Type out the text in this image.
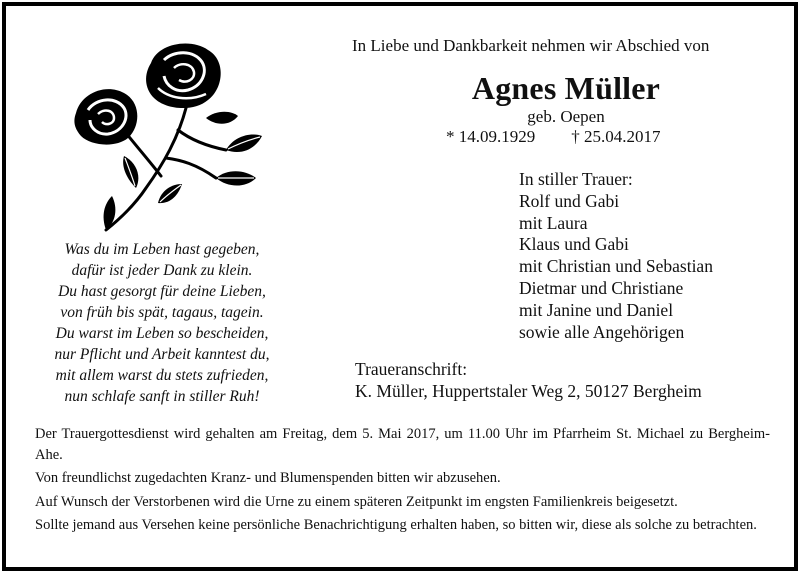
Was du im Leben hast gegeben,
dafür ist jeder Dank zu klein.
Du hast gesorgt für deine Lieben,
von früh bis spät, tagaus, tagein.
Du warst im Leben so bescheiden,
nur Pflicht und Arbeit kanntest du,
mit allem warst du stets zufrieden,
nun schlafe sanft in stiller Ruh!
In Liebe und Dankbarkeit nehmen wir Abschied von
Agnes Müller
geb. Oepen
* 14.09.1929 † 25.04.2017
In stiller Trauer:
Rolf und Gabi
mit Laura
Klaus und Gabi
mit Christian und Sebastian
Dietmar und Christiane
mit Janine und Daniel
sowie alle Angehörigen
Traueranschrift:
K. Müller, Huppertstaler Weg 2, 50127 Bergheim

Der Trauergottesdienst wird gehalten am Freitag, dem 5. Mai 2017, um 11.00 Uhr im Pfarrheim St. Michael zu Bergheim-Ahe.

Von freundlichst zugedachten Kranz- und Blumenspenden bitten wir abzusehen.

Auf Wunsch der Verstorbenen wird die Urne zu einem späteren Zeitpunkt im engsten Familienkreis beigesetzt.

Sollte jemand aus Versehen keine persönliche Benachrichtigung erhalten haben, so bitten wir, diese als solche zu betrachten.
